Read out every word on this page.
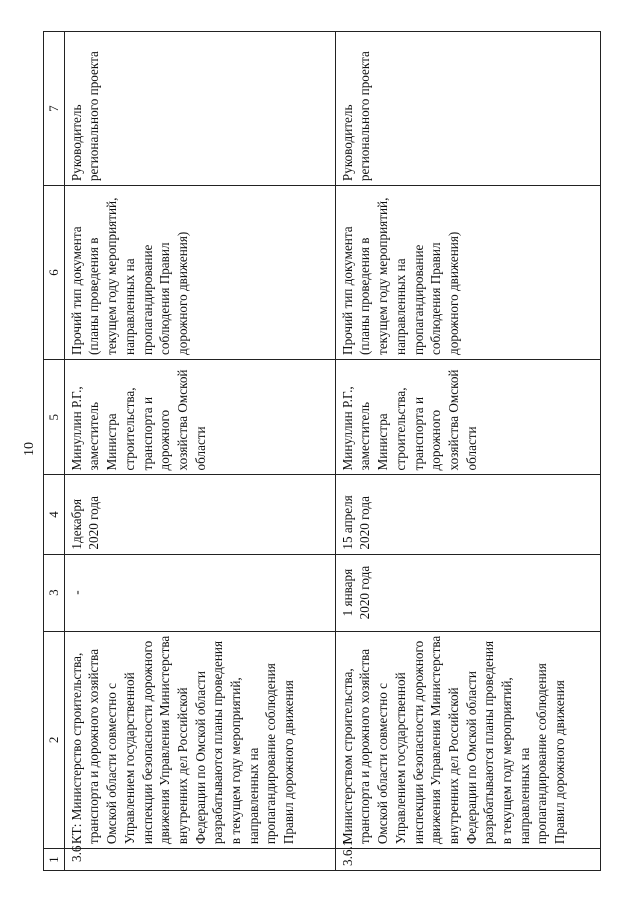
10
1	2	3	4	5	6	7
3.6	КТ: Министерство строительства, транспорта и дорожного хозяйства Омской области совместно с Управлением государственной инспекции безопасности дорожного движения Управления Министерства внутренних дел Российской Федерации по Омской области разрабатываются планы проведения в текущем году мероприятий, направленных на пропагандирование соблюдения Правил дорожного движения	-	1декабря 2020 года	Минуллин Р.Г., заместитель Министра строительства, транспорта и дорожного хозяйства Омской области	Прочий тип документа (планы проведения в текущем году мероприятий, направленных на пропагандирование соблюдения Правил дорожного движения)	Руководитель регионального проекта
3.6.1	Министерством строительства, транспорта и дорожного хозяйства Омской области совместно с Управлением государственной инспекции безопасности дорожного движения Управления Министерства внутренних дел Российской Федерации по Омской области разрабатываются планы проведения в текущем году мероприятий, направленных на пропагандирование соблюдения Правил дорожного движения	1 января 2020 года	15 апреля 2020 года	Минуллин Р.Г., заместитель Министра строительства, транспорта и дорожного хозяйства Омской области	Прочий тип документа (планы проведения в текущем году мероприятий, направленных на пропагандирование соблюдения Правил дорожного движения)	Руководитель регионального проекта
